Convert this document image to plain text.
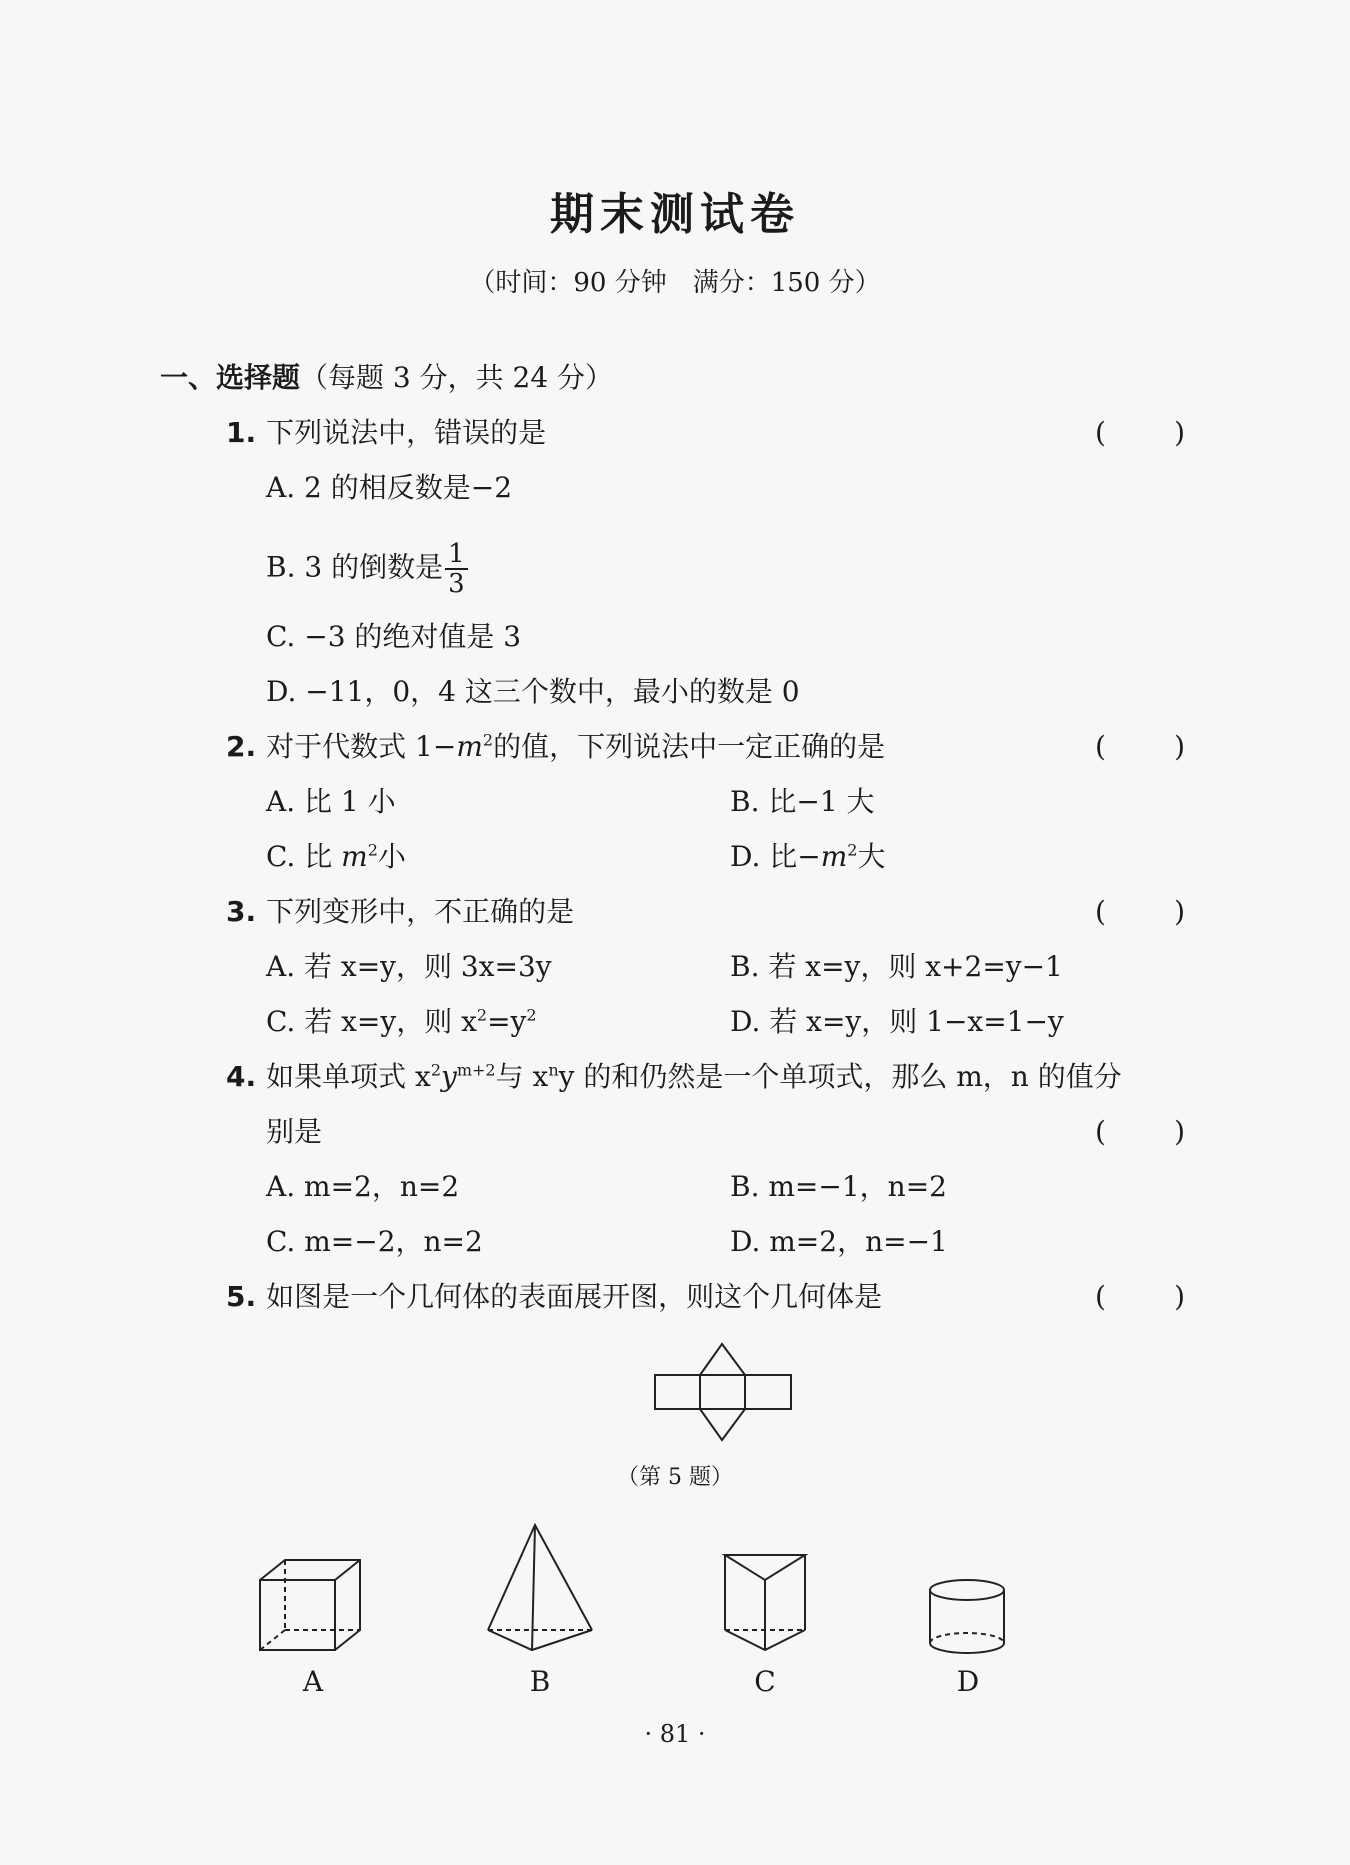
期末测试卷
（时间：90 分钟　满分：150 分）
一、选择题（每题 3 分，共 24 分）
1. 下列说法中，错误的是	( )
A. 2 的相反数是−2
B. 3 的倒数是 $\frac{1}{3}$
C. −3 的绝对值是 3
D. −11，0，4 这三个数中，最小的数是 0
2. 对于代数式 $1-m^2$的值，下列说法中一定正确的是	( )
A. 比 1 小	B. 比−1 大
C. 比 $m^2$小	D. 比$-m^2$大
3. 下列变形中，不正确的是	( )
A. 若 x=y，则 3x=3y	B. 若 x=y，则 x+2=y−1
C. 若 x=y，则 $x^2=y^2$	D. 若 x=y，则 1−x=1−y
4. 如果单项式 $x^2y^{m+2}$与 $x^ny$ 的和仍然是一个单项式，那么 m，n 的值分
别是	( )
A. m=2，n=2	B. m=−1，n=2
C. m=−2，n=2	D. m=2，n=−1
5. 如图是一个几何体的表面展开图，则这个几何体是	( )
（第 5 题）
A	B	C	D
· 81 ·
